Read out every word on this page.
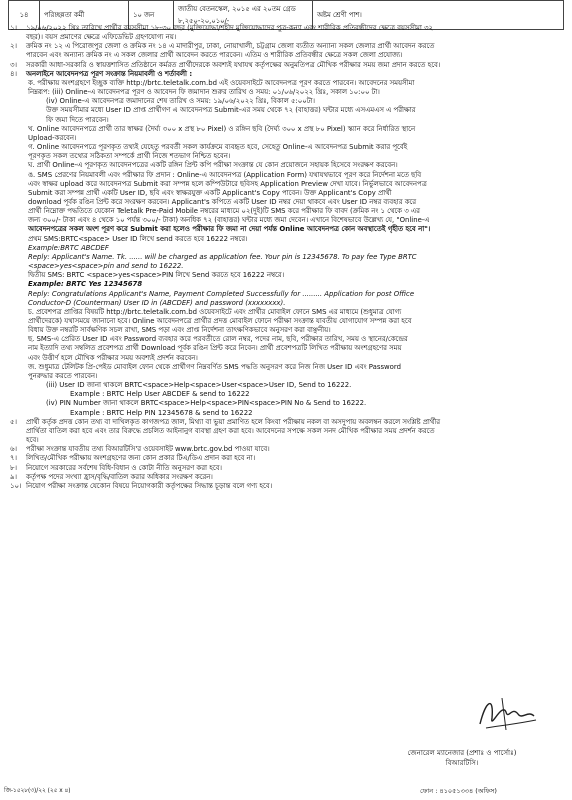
১৪	পরিচ্ছন্নতা কর্মী	১০ জন	জাতীয় বেতনস্কেল, ২০১৫ এর ২০তম গ্রেড ৮,২৫০-২০,০১০/-	অষ্টম শ্রেণী পাশ।
১।	১৯/০৬/২০২২ খ্রিঃ তারিখে প্রার্থীর বয়সসীমা ১৮-৩০ বছর (মুক্তিযোদ্ধা/শহীদ মুক্তিযোদ্ধাদের পুত্র-কন্যা এবং শারীরিক প্রতিবন্ধীদের ক্ষেত্রে বয়সসীমা ৩২
বছর)। বয়স প্রমাণের ক্ষেত্রে এফিডেভিট গ্রহণযোগ্য নয়।
২।	ক্রমিক নং ১২ এ পিরোজপুর জেলা ও ক্রমিক নং ১৪ এ মাদারীপুর, ঢাকা, নোয়াখালী, চট্টগ্রাম জেলা ব্যতীত অন্যান্য সকল জেলার প্রার্থী আবেদন করতে
পারবেন এবং অন্যান্য ক্রমিক নং এ সকল জেলার প্রার্থী আবেদন করতে পারবেন। এতিম ও শারীরিক প্রতিবন্ধীর ক্ষেত্রে সকল জেলা প্রযোজ্য।
৩।	সরকারী আধা-সরকারি ও স্বায়ত্তশাসিত প্রতিষ্ঠানে কর্মরত প্রার্থীদেরকে অবশ্যই যথাযথ কর্তৃপক্ষের অনুমতিপত্র মৌখিক পরীক্ষার সময় জমা প্রদান করতে হবে।
৪।	অনলাইনে আবেদনপত্র পূরণ সংক্রান্ত নিয়মাবলী ও শর্তাবলী :
ক. পরীক্ষায় অংশগ্রহণে ইচ্ছুক ব্যক্তি http://brtc.teletalk.com.bd এই ওয়েবসাইটে আবেদনপত্র পূরণ করতে পারবেন। আবেদনের সময়সীমা
নিম্নরূপ: (iii) Online-এ আবেদনপত্র পূরণ ও আবেদন ফি জমাদান শুরুর তারিখ ও সময়: ০১/০৬/২০২২ খ্রিঃ, সকাল ১০:০০ টা।
(iv) Online-এ আবেদনপত্র জমাদানের শেষ তারিখ ও সময়: ১৯/০৬/২০২২ খ্রিঃ, বিকাল ৫:০০টা।
উক্ত সময়সীমার মধ্যে User ID প্রাপ্ত প্রার্থীগণ এ আবেদনপত্র Submit-এর সময় থেকে ৭২ (বাহাত্তর) ঘন্টার মধ্যে এসএমএস এ পরীক্ষার
ফি জমা দিতে পারবেন।
খ. Online আবেদনপত্রে প্রার্থী তার স্বাক্ষর (দৈর্ঘ্য ৩০০ x প্রস্থ ৮০ Pixel) ও রঙ্গিন ছবি (দৈর্ঘ্য ৩০০ x প্রস্থ ৮০ Pixel) স্ক্যান করে নির্ধারিত স্থানে
Upload-করবেন।
গ. Online আবেদনপত্রে পূরণকৃত তথ্যই যেহেতু পরবর্তী সকল কার্যক্রমে ব্যবহৃত হবে, সেহেতু Online-এ আবেদনপত্র Submit করার পূর্বেই
পূরণকৃত সকল তথ্যের সঠিকতা সম্পর্কে প্রার্থী নিজে শতভাগ নিশ্চিত হবেন।
ঘ. প্রার্থী Online-এ পূরণকৃত আবেদনপত্রের একটি রঙ্গিন প্রিন্ট কপি পরীক্ষা সংক্রান্ত যে কোন প্রয়োজনে সহায়ক হিসেবে সংরক্ষণ করবেন।
ঙ. SMS প্রেরণের নিয়মাবলী এবং পরীক্ষার ফি প্রদান : Online-এ আবেদনপত্র (Application Form) যথাযথভাবে পূরণ করে নির্দেশনা মতে ছবি
এবং স্বাক্ষর upload করে আবেদনপত্র Submit করা সম্পন্ন হলে কম্পিউটারে ছবিসহ Application Preview দেখা যাবে। নির্ভুলভাবে আবেদনপত্র
Submit করা সম্পন্ন প্রার্থী একটি User ID, ছবি এবং স্বাক্ষরযুক্ত একটি Applicant's Copy পাবেন। উক্ত Applicant's Copy প্রার্থী
download পূর্বক রঙিন প্রিন্ট করে সংরক্ষণ করবেন। Applicant's কপিতে একটি User ID নম্বর দেয়া থাকবে এবং User ID নম্বর ব্যবহার করে
প্রার্থী নিম্নোক্ত পদ্ধতিতে যেকোন Teletalk Pre-Paid Mobile নম্বরের মাধ্যমে ০২(দুই)টি SMS করে পরীক্ষার ফি বাবদ (ক্রমিক নং ১ থেকে ৩ এর
জন্য ৩০০/- টাকা এবং ৪ থেকে ১০ পর্যন্ত ৩০০/- টাকা) অনধিক ৭২ (বাহাত্তর) ঘন্টার মধ্যে জমা দেবেন। এখানে বিশেষভাবে উল্লেখ্য যে, "Online-এ
আবেদনপত্রের সকল অংশ পূরণ করে Submit করা হলেও পরীক্ষার ফি জমা না দেয়া পর্যন্ত Online আবেদনপত্র কোন অবস্থাতেই গৃহীত হবে না"।
প্রথম SMS:BRTC<space> User ID লিখে send করতে হবে 16222 নম্বরে।
Example:BRTC ABCDEF
Reply: Applicant's Name. Tk. ...... will be charged as application fee. Your pin is 12345678. To pay fee Type BRTC
<space>yes<space>pin and send to 16222.
দ্বিতীয় SMS: BRTC <space>yes<space>PIN লিখে Send করতে হবে 16222 নম্বরে।
Example: BRTC Yes 12345678
Reply: Congratulations Applicant's Name, Payment Completed Successfully for ......... Application for post Office
Conductor-D (Counterman) User ID in (ABCDEF) and password (xxxxxxxx).
চ. প্রবেশপত্র প্রাপ্তির বিষয়টি http://brtc.teletalk.com.bd ওয়েবসাইটে এবং প্রার্থীর মোবাইল ফোনে SMS এর মাধ্যমে (শুধুমাত্র যোগ্য
প্রার্থীদেরকে) যথাসময়ে জানানো হবে। Online আবেদনপত্রে প্রার্থীর প্রদত্ত মোবাইল ফোনে পরীক্ষা সংক্রান্ত যাবতীয় যোগাযোগ সম্পন্ন করা হবে
বিধায় উক্ত নম্বরটি সার্বক্ষণিক সচল রাখা, SMS পড়া এবং প্রাপ্ত নির্দেশনা তাৎক্ষণিকভাবে অনুসরণ করা বাঞ্ছনীয়।
ছ. SMS-এ প্রেরিত User ID এবং Password ব্যবহার করে পরবর্তীতে রোল নম্বর, পদের নাম, ছবি, পরীক্ষার তারিখ, সময় ও স্থানের/কেন্দ্রের
নাম ইত্যাদি তথ্য সম্বলিত প্রবেশপত্র প্রার্থী Download পূর্বক রঙিন প্রিন্ট করে নিবেন। প্রার্থী প্রবেশপত্রটি লিখিত পরীক্ষায় অংশগ্রহণের সময়
এবং উত্তীর্ণ হলে মৌখিক পরীক্ষার সময় অবশ্যই প্রদর্শন করবেন।
জ. শুধুমাত্র টেলিটক প্রি-পেইড মোবাইল ফোন থেকে প্রার্থীগণ নিম্নবর্ণিত SMS পদ্ধতি অনুসরণ করে নিজ নিজ User ID এবং Password
পুনরুদ্ধার করতে পারবেন।
(iii) User ID জানা থাকলে BRTC<space>Help<space>User<space>User ID, Send to 16222.
Example : BRTC Help User ABCDEF & send to 16222
(iv) PIN Number জানা থাকলে BRTC<space>Help<space>PIN<space>PIN No & Send to 16222.
Example : BRTC Help PIN 12345678 & send to 16222
৫।	প্রার্থী কর্তৃক প্রদত্ত কোন তথ্য বা দাখিলকৃত কাগজপত্র জাল, মিথ্যা বা ভুয়া প্রমাণিত হলে কিংবা পরীক্ষায় নকল বা অসদুপায় অবলম্বন করলে সংশ্লিষ্ট প্রার্থীর
প্রার্থিতা বাতিল করা হবে এবং তার বিরুদ্ধে প্রচলিত আইনানুগ ব্যবস্থা গ্রহণ করা হবে। আবেদনের সপক্ষে সকল সনদ মৌখিক পরীক্ষার সময় প্রদর্শন করতে
হবে।
৬।	পরীক্ষা সংক্রান্ত যাবতীয় তথ্য বিআরটিসি'র ওয়েবসাইট www.brtc.gov.bd পাওয়া যাবে।
৭।	লিখিত/মৌখিক পরীক্ষায় অংশগ্রহণের জন্য কোন প্রকার টিএ/ডিএ প্রদান করা হবে না।
৮।	নিয়োগে সরকারের সর্বশেষ বিধি-বিধান ও কোটা নীতি অনুসরণ করা হবে।
৯।	কর্তৃপক্ষ পদের সংখ্যা হ্রাস/বৃদ্ধি/বাতিল করার অধিকার সংরক্ষণ করেন।
১০। নিয়োগ পরীক্ষা সংক্রান্ত যেকোন বিষয়ে নিয়োগকারী কর্তৃপক্ষের সিদ্ধান্ত চূড়ান্ত বলে গণ্য হবে।
জেনারেল ম্যানেজার (প্রশাঃ ও পার্সোঃ)
বিআরটিসি।
জি-১৫২৮(৩)/২২ (২৫ x ৪)	ফোন : ৪১০৫১৩৩৪ (অফিস)
